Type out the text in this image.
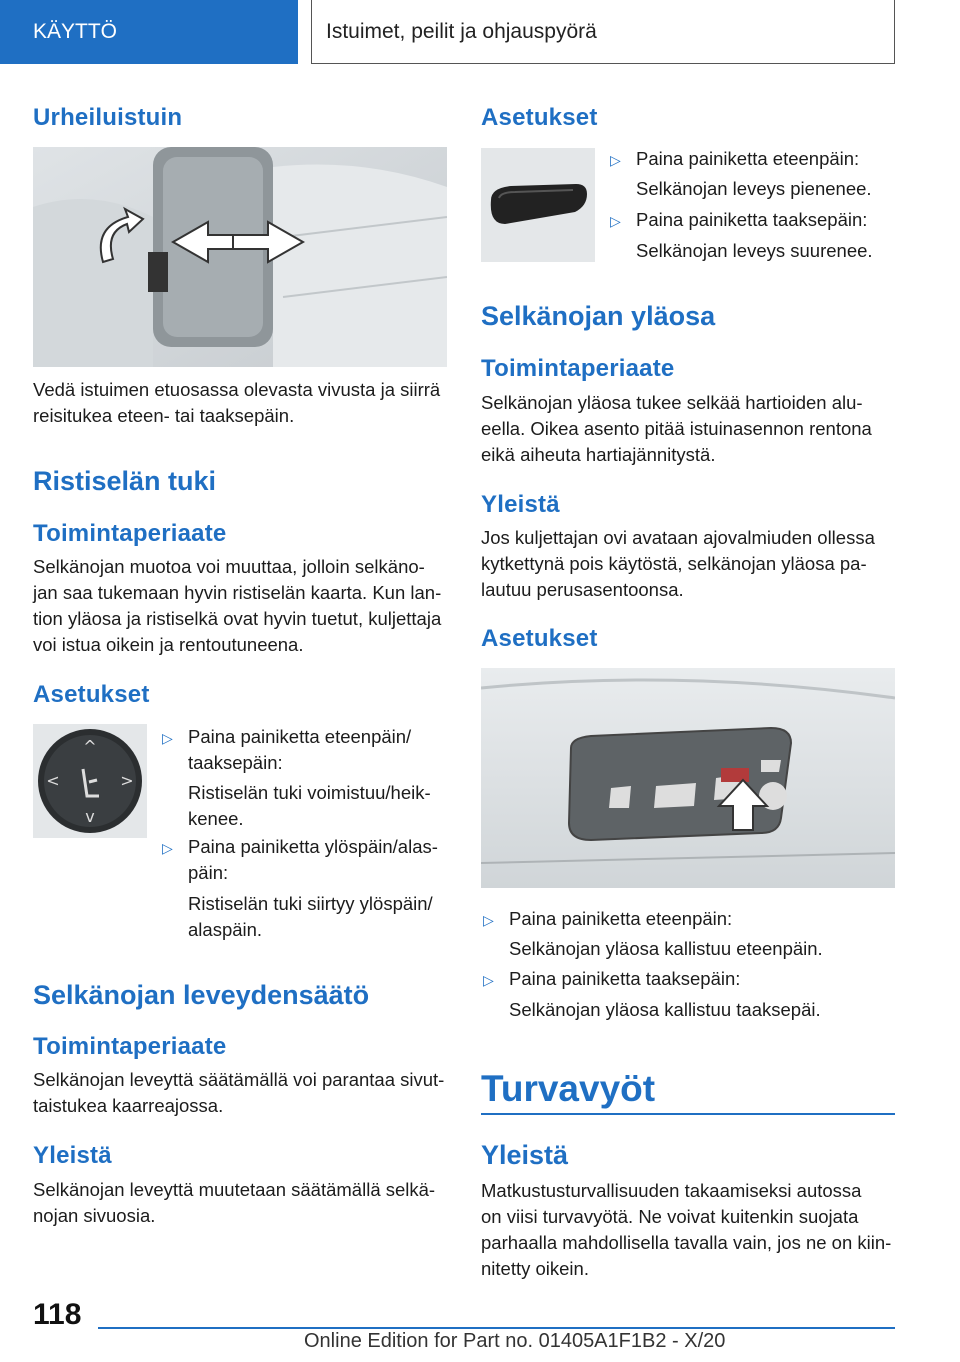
KÄYTTÖ	Istuimet, peilit ja ohjauspyörä
Urheiluistuin

Vedä istuimen etuosassa olevasta vivusta ja siirrä

reisitukea eteen- tai taaksepäin.

Ristiselän tuki
Toimintaperiaate

Selkänojan muotoa voi muuttaa, jolloin selkäno-

jan saa tukemaan hyvin ristiselän kaarta. Kun lan-

tion yläosa ja ristiselkä ovat hyvin tuetut, kuljettaja

voi istua oikein ja rentoutuneena.

Asetukset
^
v
<	>
▷ Paina painiketta eteenpäin/
taaksepäin:
Ristiselän tuki voimistuu/heik-
kenee.
▷ Paina painiketta ylöspäin/alas-
päin:
Ristiselän tuki siirtyy ylöspäin/
alaspäin.
Selkänojan leveydensäätö
Toimintaperiaate

Selkänojan leveyttä säätämällä voi parantaa sivut-

taistukea kaarreajossa.

Yleistä

Selkänojan leveyttä muutetaan säätämällä selkä-

nojan sivuosia.

Asetukset
▷ Paina painiketta eteenpäin:
Selkänojan leveys pienenee.
▷ Paina painiketta taaksepäin:
Selkänojan leveys suurenee.
Selkänojan yläosa
Toimintaperiaate

Selkänojan yläosa tukee selkää hartioiden alu-

eella. Oikea asento pitää istuinasennon rentona

eikä aiheuta hartiajännitystä.

Yleistä

Jos kuljettajan ovi avataan ajovalmiuden ollessa

kytkettynä pois käytöstä, selkänojan yläosa pa-

lautuu perusasentoonsa.

Asetukset
▷ Paina painiketta eteenpäin:
Selkänojan yläosa kallistuu eteenpäin.
▷ Paina painiketta taaksepäin:
Selkänojan yläosa kallistuu taaksepäi.
Turvavyöt
Yleistä

Matkustusturvallisuuden takaamiseksi autossa

on viisi turvavyötä. Ne voivat kuitenkin suojata

parhaalla mahdollisella tavalla vain, jos ne on kiin-

nitetty oikein.

118
Online Edition for Part no. 01405A1F1B2 - X/20
